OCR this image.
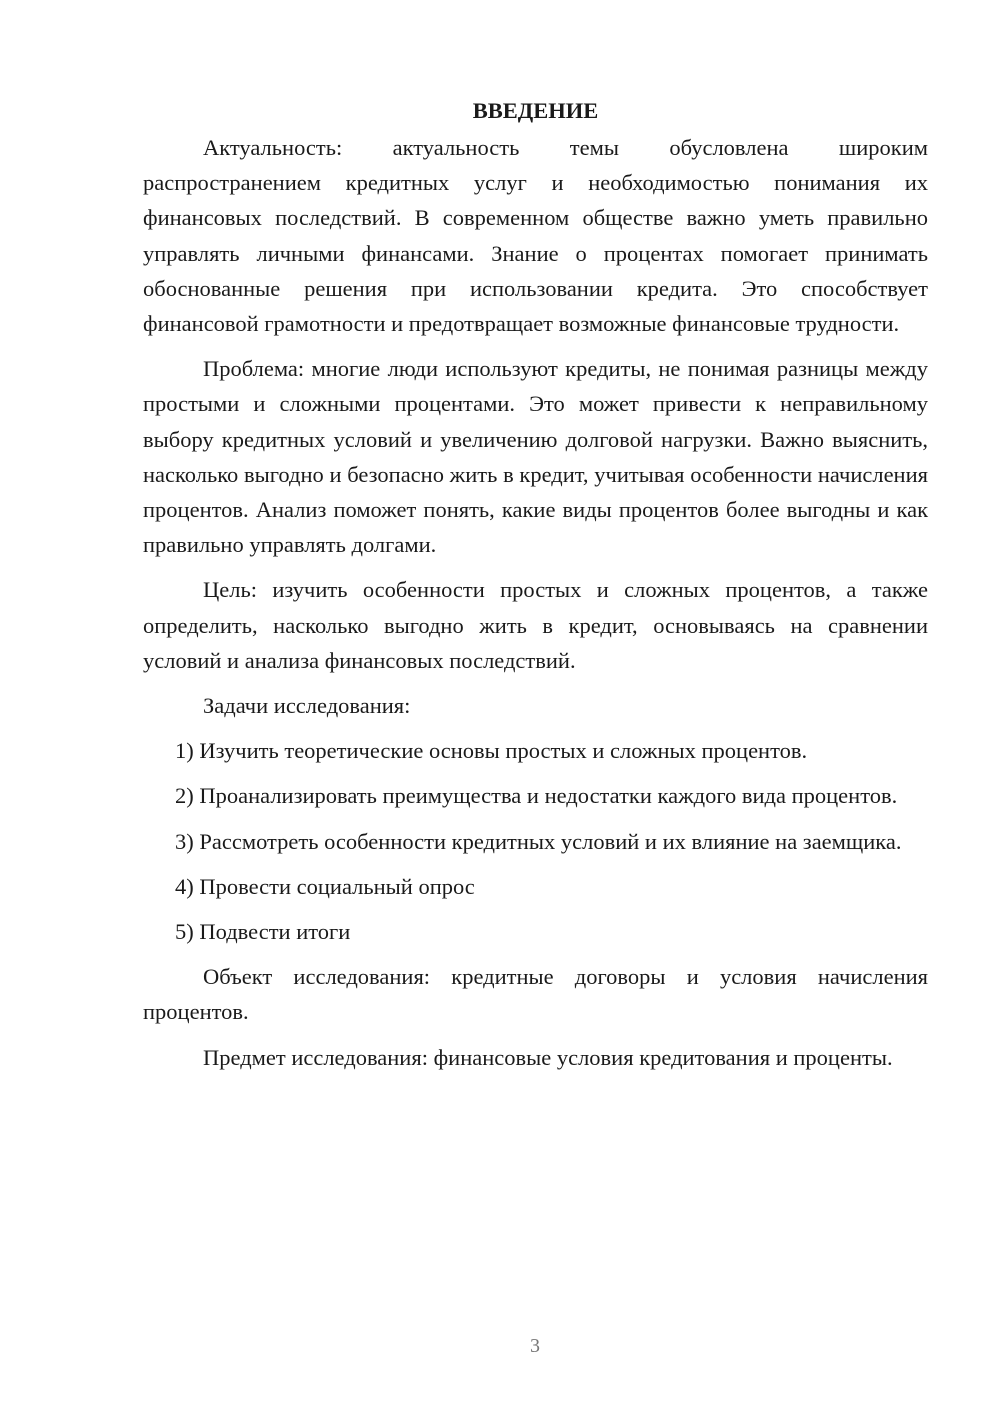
ВВЕДЕНИЕ

Актуальность: актуальность темы обусловлена широким распространением кредитных услуг и необходимостью понимания их финансовых последствий. В современном обществе важно уметь правильно управлять личными финансами. Знание о процентах помогает принимать обоснованные решения при использовании кредита. Это способствует финансовой грамотности и предотвращает возможные финансовые трудности.

Проблема: многие люди используют кредиты, не понимая разницы между простыми и сложными процентами. Это может привести к неправильному выбору кредитных условий и увеличению долговой нагрузки. Важно выяснить, насколько выгодно и безопасно жить в кредит, учитывая особенности начисления процентов. Анализ поможет понять, какие виды процентов более выгодны и как правильно управлять долгами.

Цель: изучить особенности простых и сложных процентов, а также определить, насколько выгодно жить в кредит, основываясь на сравнении условий и анализа финансовых последствий.

Задачи исследования:

1) Изучить теоретические основы простых и сложных процентов.

2) Проанализировать преимущества и недостатки каждого вида процентов.

3) Рассмотреть особенности кредитных условий и их влияние на заемщика.

4) Провести социальный опрос

5) Подвести итоги

Объект исследования: кредитные договоры и условия начисления процентов.

Предмет исследования: финансовые условия кредитования и проценты.

3
